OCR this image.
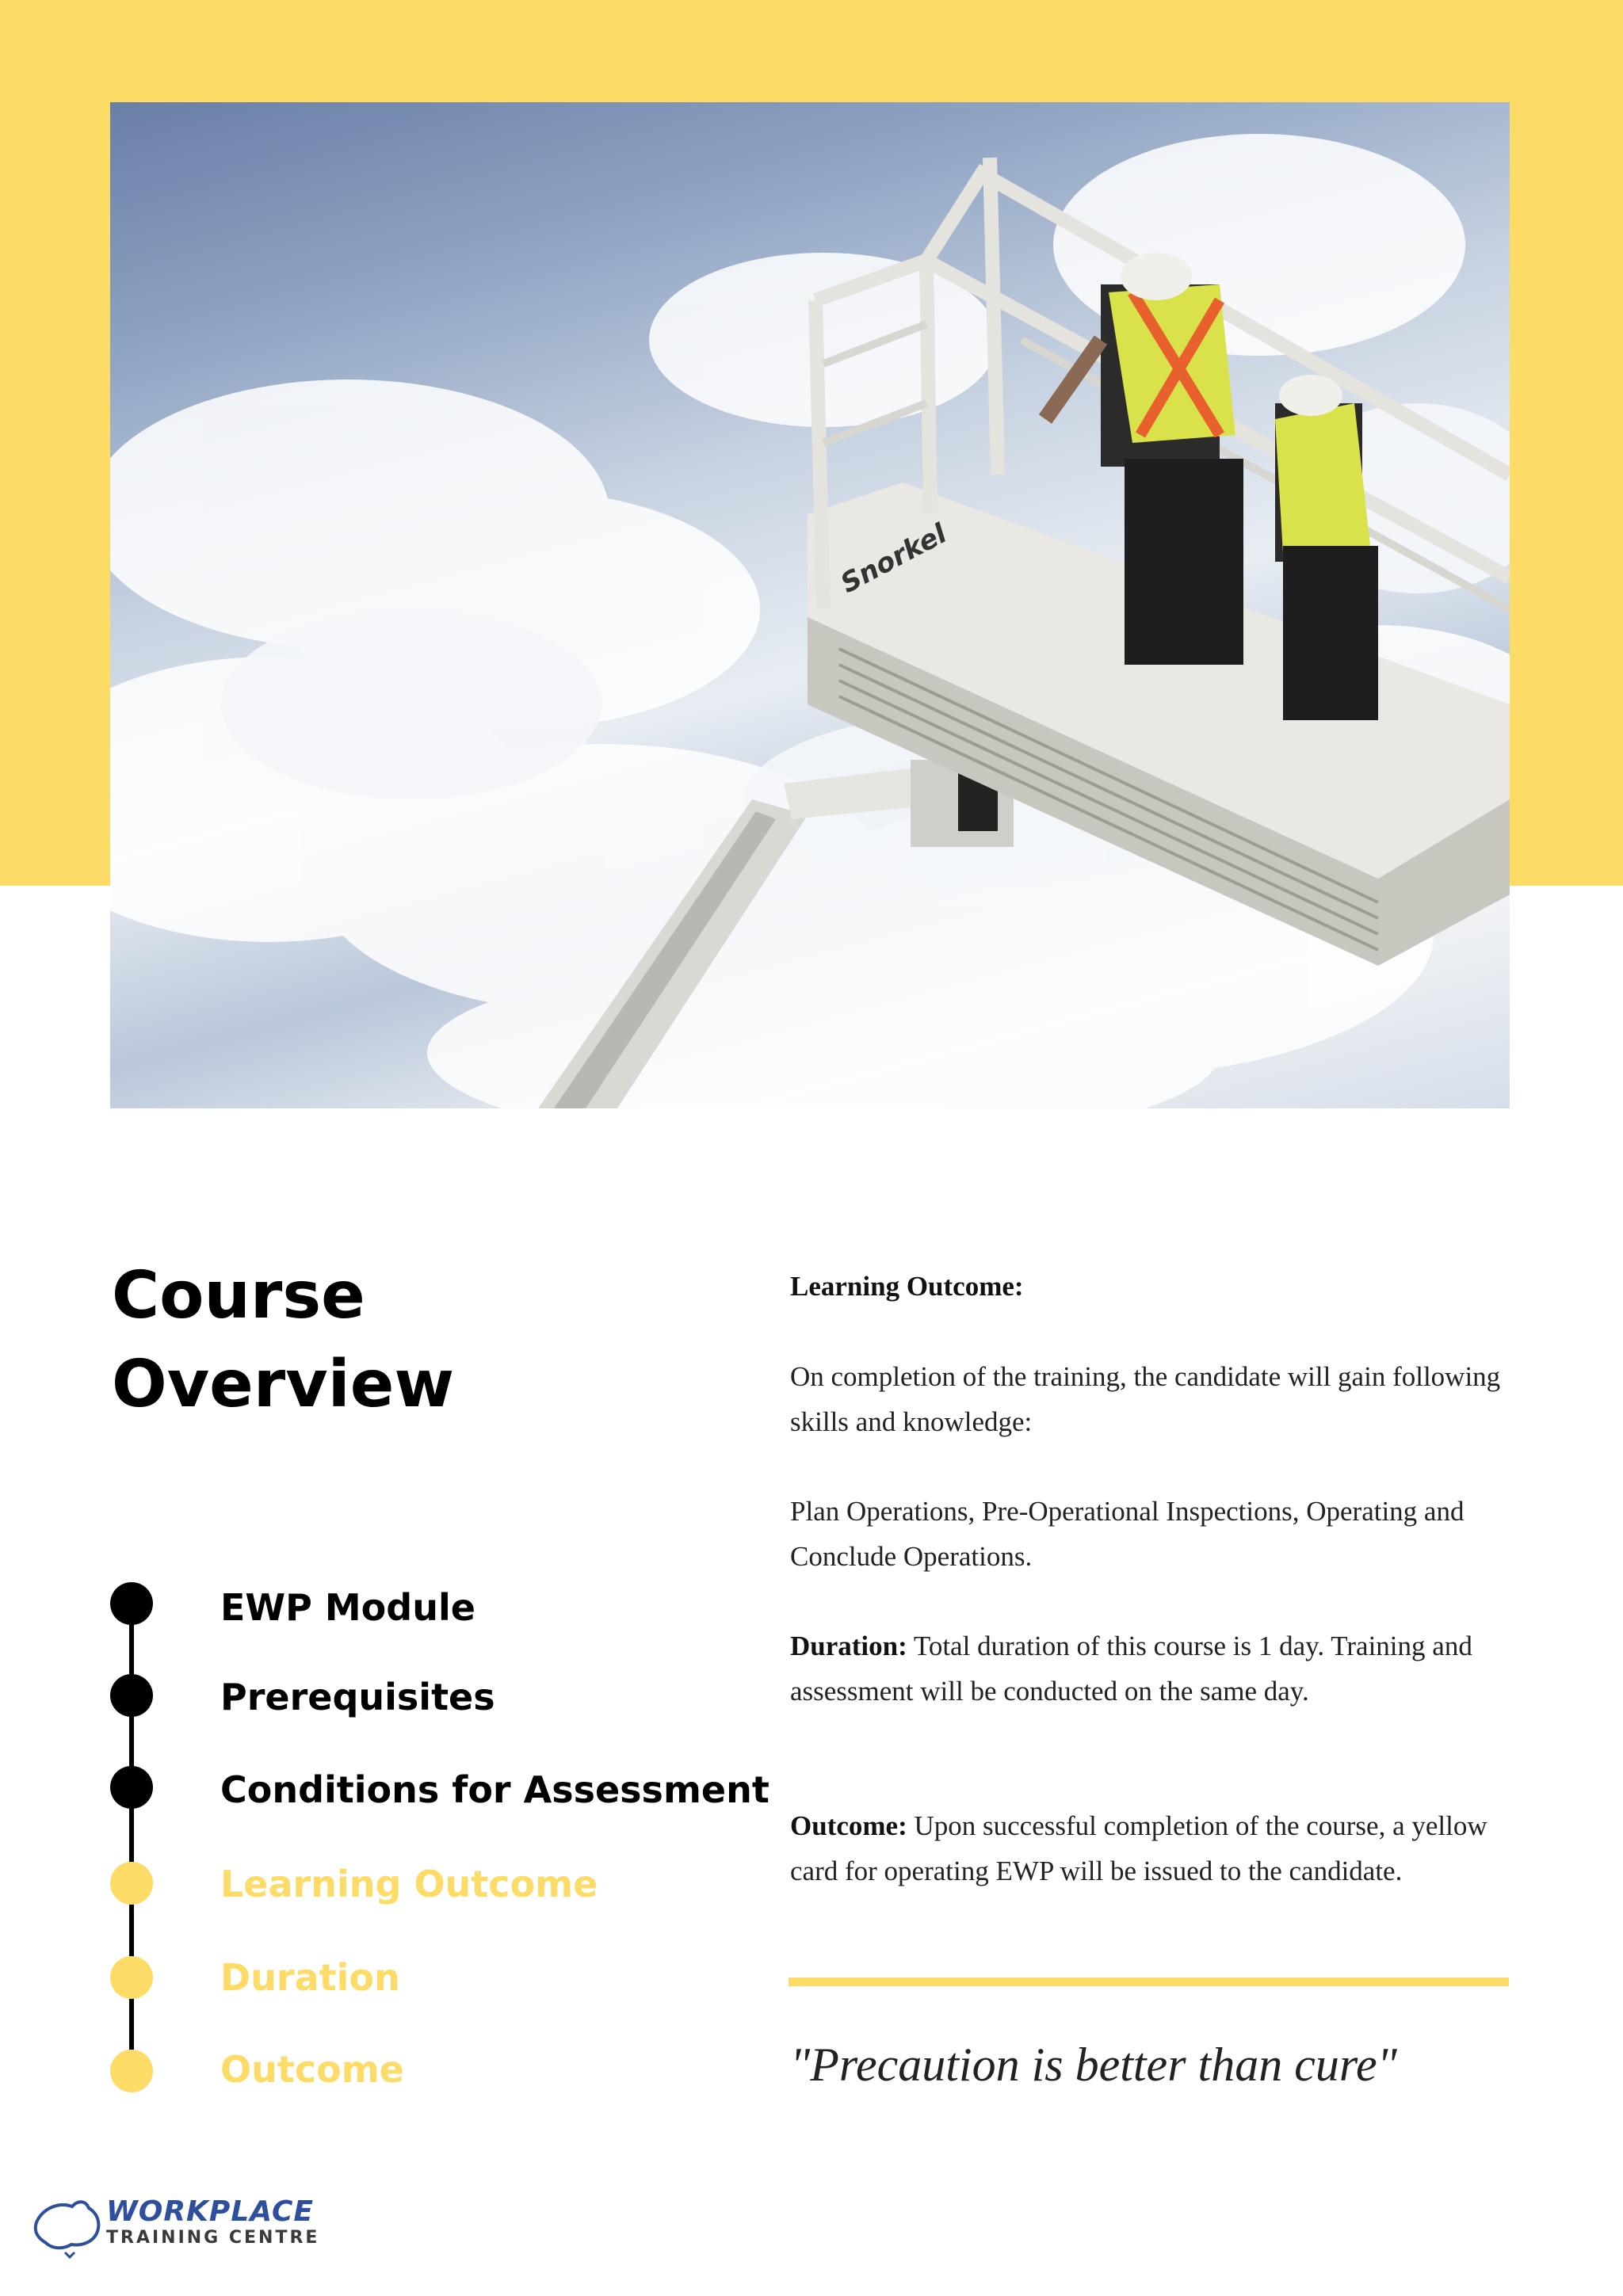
Snorkel
Course
Overview
EWP Module
Prerequisites
Conditions for Assessment
Learning Outcome
Duration
Outcome

Learning Outcome:

On completion of the training, the candidate will gain following skills and knowledge:

Plan Operations, Pre-Operational Inspections, Operating and Conclude Operations.

Duration: Total duration of this course is 1 day. Training and assessment will be conducted on the same day.

Outcome: Upon successful completion of the course, a yellow card for operating EWP will be issued to the candidate.

"Precaution is better than cure"

WORKPLACE
TRAINING CENTRE
